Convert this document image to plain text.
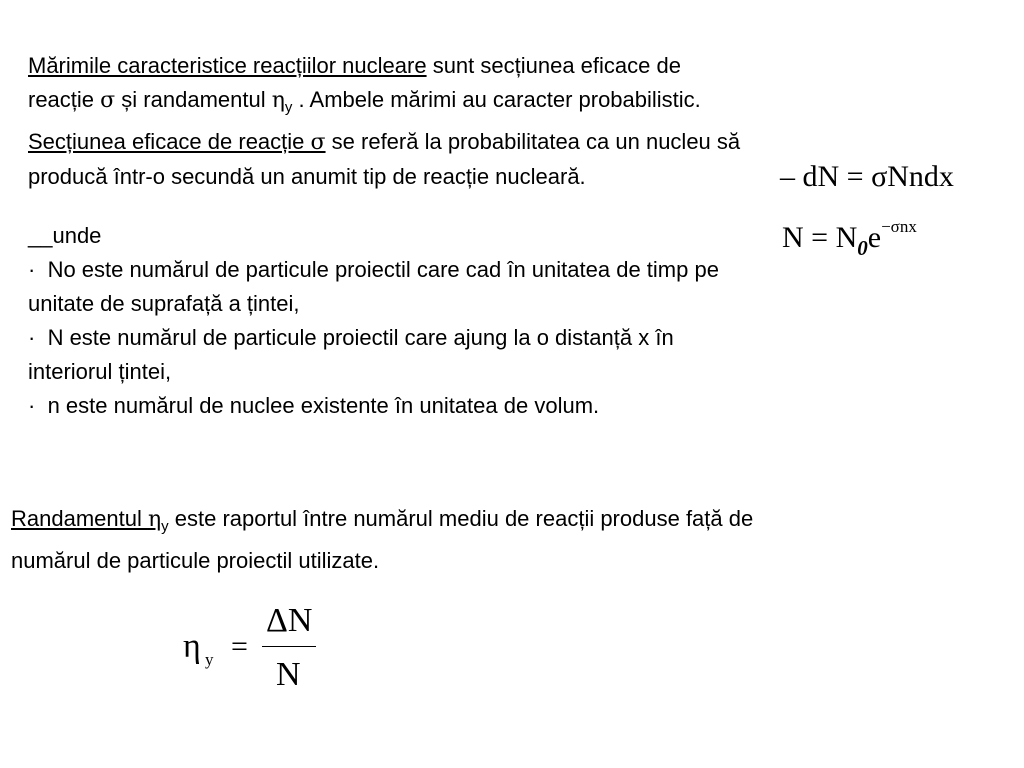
Mărimile caracteristice reacțiilor nucleare sunt secțiunea eficace de
reacție σ și randamentul $\eta_y$ . Ambele mărimi au caracter probabilistic.
Secțiunea eficace de reacție σ se referă la probabilitatea ca un nucleu să
producă într-o secundă un anumit tip de reacție nucleară.	– dN = σNndx
$N = N_0e^{-\sigma nx}$
__unde
· No este numărul de particule proiectil care cad în unitatea de timp pe
unitate de suprafață a țintei,
· N este numărul de particule proiectil care ajung la o distanță x în
interiorul țintei,
· n este numărul de nuclee existente în unitatea de volum.
Randamentul $\eta_y$ este raportul între numărul mediu de reacții produse față de
numărul de particule proiectil utilizate.
η y =
ΔN
N
